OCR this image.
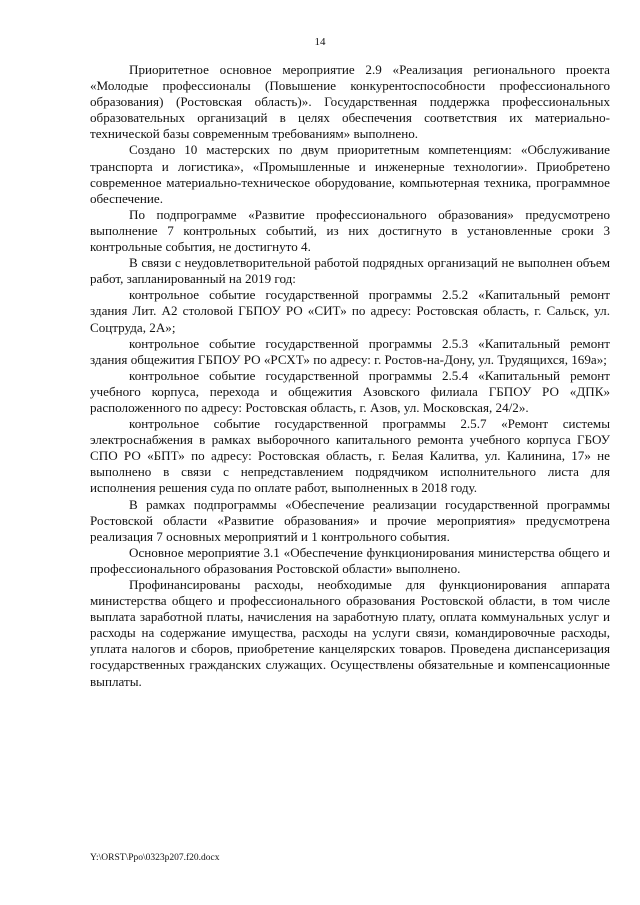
14

Приоритетное основное мероприятие 2.9 «Реализация регионального проекта «Молодые профессионалы (Повышение конкурентоспособности профессионального образования) (Ростовская область)». Государственная поддержка профессиональных образовательных организаций в целях обеспечения соответствия их материально-технической базы современным требованиям» выполнено.

Создано 10 мастерских по двум приоритетным компетенциям: «Обслуживание транспорта и логистика», «Промышленные и инженерные технологии». Приобретено современное материально-техническое оборудование, компьютерная техника, программное обеспечение.

По подпрограмме «Развитие профессионального образования» предусмотрено выполнение 7 контрольных событий, из них достигнуто в установленные сроки 3 контрольные события, не достигнуто 4.

В связи с неудовлетворительной работой подрядных организаций не выполнен объем работ, запланированный на 2019 год:

контрольное событие государственной программы 2.5.2 «Капитальный ремонт здания Лит. А2 столовой ГБПОУ РО «СИТ» по адресу: Ростовская область, г. Сальск, ул. Соцтруда, 2А»;

контрольное событие государственной программы 2.5.3 «Капитальный ремонт здания общежития ГБПОУ РО «РСХТ» по адресу: г. Ростов-на-Дону, ул. Трудящихся, 169а»;

контрольное событие государственной программы 2.5.4 «Капитальный ремонт учебного корпуса, перехода и общежития Азовского филиала ГБПОУ РО «ДПК» расположенного по адресу: Ростовская область, г. Азов, ул. Московская, 24/2».

контрольное событие государственной программы 2.5.7 «Ремонт системы электроснабжения в рамках выборочного капитального ремонта учебного корпуса ГБОУ СПО РО «БПТ» по адресу: Ростовская область, г. Белая Калитва, ул. Калинина, 17» не выполнено в связи с непредставлением подрядчиком исполнительного листа для исполнения решения суда по оплате работ, выполненных в 2018 году.

В рамках подпрограммы «Обеспечение реализации государственной программы Ростовской области «Развитие образования» и прочие мероприятия» предусмотрена реализация 7 основных мероприятий и 1 контрольного события.

Основное мероприятие 3.1 «Обеспечение функционирования министерства общего и профессионального образования Ростовской области» выполнено.

Профинансированы расходы, необходимые для функционирования аппарата министерства общего и профессионального образования Ростовской области, в том числе выплата заработной платы, начисления на заработную плату, оплата коммунальных услуг и расходы на содержание имущества, расходы на услуги связи, командировочные расходы, уплата налогов и сборов, приобретение канцелярских товаров. Проведена диспансеризация государственных гражданских служащих. Осуществлены обязательные и компенсационные выплаты.

Y:\ORST\Ppo\0323p207.f20.docx
